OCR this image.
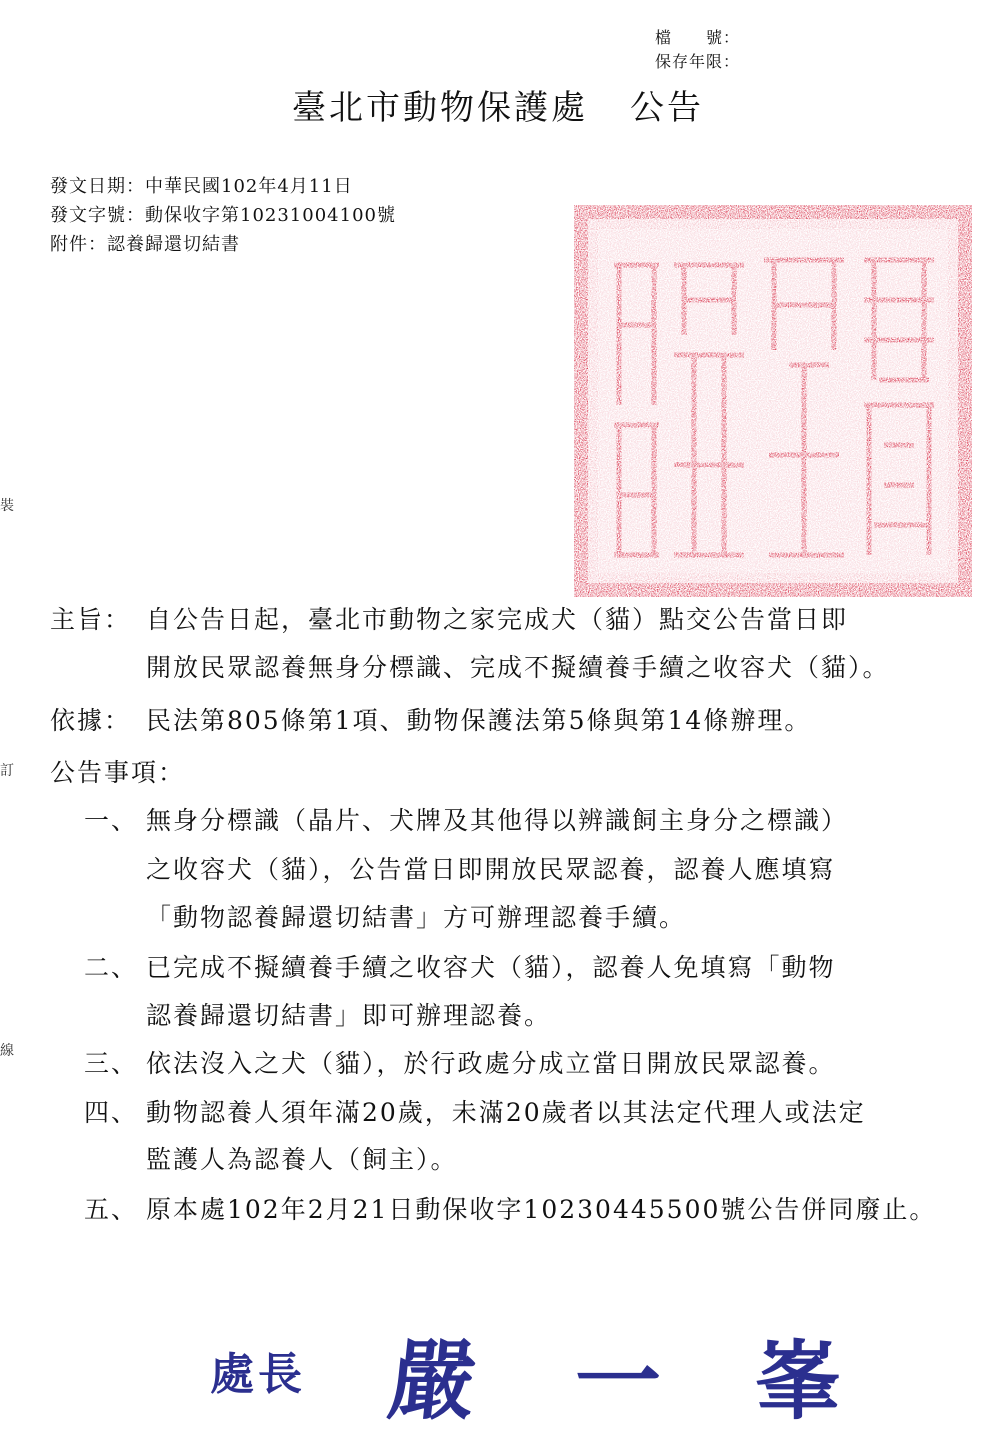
檔　　號：
保存年限：
臺北市動物保護處 公告
發文日期：中華民國102年4月11日
發文字號：動保收字第10231004100號
附件：認養歸還切結書
裝
訂
線
主旨： 自公告日起，臺北市動物之家完成犬（貓）點交公告當日即
開放民眾認養無身分標識、完成不擬續養手續之收容犬（貓）。
依據： 民法第805條第1項、動物保護法第5條與第14條辦理。
公告事項：
一、 無身分標識（晶片、犬牌及其他得以辨識飼主身分之標識）
之收容犬（貓），公告當日即開放民眾認養，認養人應填寫
「動物認養歸還切結書」方可辦理認養手續。
二、 已完成不擬續養手續之收容犬（貓），認養人免填寫「動物
認養歸還切結書」即可辦理認養。
三、 依法沒入之犬（貓），於行政處分成立當日開放民眾認養。
四、 動物認養人須年滿20歲，未滿20歲者以其法定代理人或法定
監護人為認養人（飼主）。
五、 原本處102年2月21日動保收字10230445500號公告併同廢止。
處長 嚴 一 峯
